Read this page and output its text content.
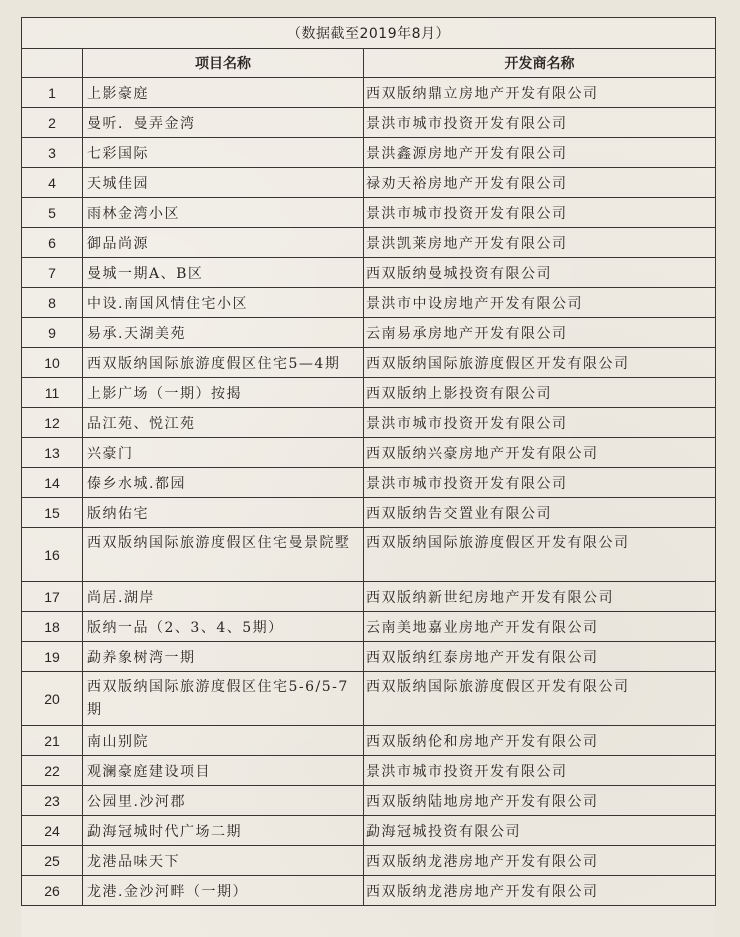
（数据截至2019年8月）		
	项目名称	开发商名称
1	上影豪庭	西双版纳鼎立房地产开发有限公司

2	曼听．曼弄金湾	景洪市城市投资开发有限公司

3	七彩国际	景洪鑫源房地产开发有限公司

4	天城佳园	禄劝天裕房地产开发有限公司

5	雨林金湾小区	景洪市城市投资开发有限公司

6	御品尚源	景洪凯莱房地产开发有限公司

7	曼城一期A、B区	西双版纳曼城投资有限公司

8	中设.南国风情住宅小区	景洪市中设房地产开发有限公司

9	易承.天湖美苑	云南易承房地产开发有限公司

10	西双版纳国际旅游度假区住宅5—4期	西双版纳国际旅游度假区开发有限公司

11	上影广场（一期）按揭	西双版纳上影投资有限公司

12	品江苑、悦江苑	景洪市城市投资开发有限公司

13	兴豪门	西双版纳兴豪房地产开发有限公司

14	傣乡水城.都园	景洪市城市投资开发有限公司

15	版纳佑宅	西双版纳告交置业有限公司

16	西双版纳国际旅游度假区住宅曼景院墅	西双版纳国际旅游度假区开发有限公司

17	尚居.湖岸	西双版纳新世纪房地产开发有限公司

18	版纳一品（2、3、4、5期）	云南美地嘉业房地产开发有限公司

19	勐养象树湾一期	西双版纳红泰房地产开发有限公司

20	西双版纳国际旅游度假区住宅5-6/5-7期	西双版纳国际旅游度假区开发有限公司

21	南山别院	西双版纳伦和房地产开发有限公司

22	观澜豪庭建设项目	景洪市城市投资开发有限公司

23	公园里.沙河郡	西双版纳陆地房地产开发有限公司

24	勐海冠城时代广场二期	勐海冠城投资有限公司

25	龙港品味天下	西双版纳龙港房地产开发有限公司

26	龙港.金沙河畔（一期）	西双版纳龙港房地产开发有限公司
